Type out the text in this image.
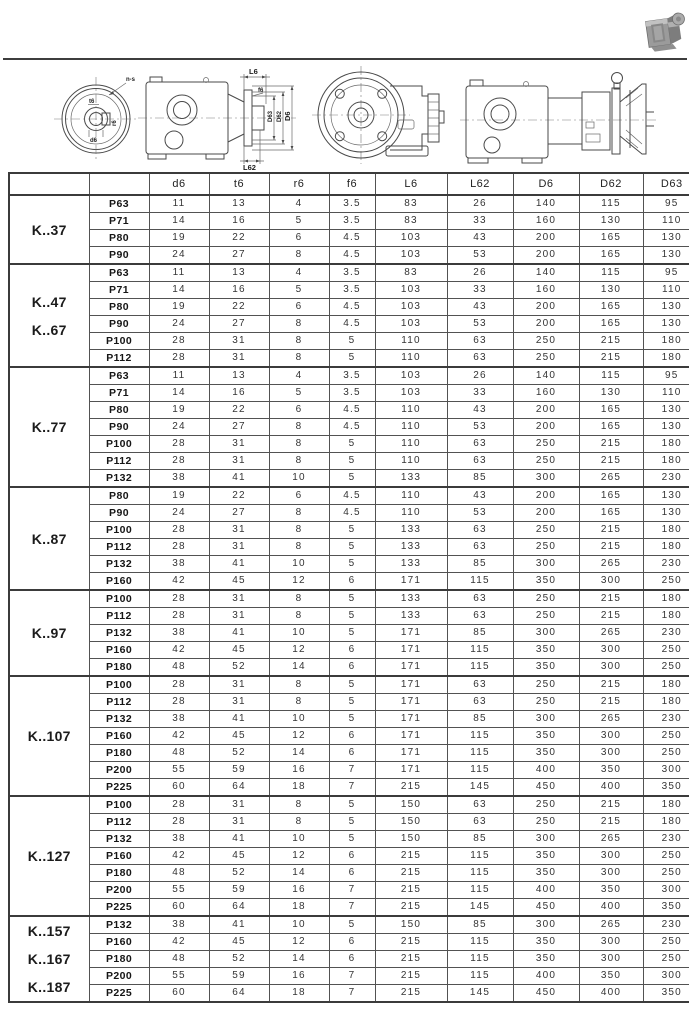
n-s
t6
r6
d6
L6
f6
D63 D62 D6
L62
		d6	t6	r6	f6	L6	L62	D6	D62	D63

K..37	P63	11	13	4	3.5	83	26	140	115	95
	P71	14	16	5	3.5	83	33	160	130	110
	P80	19	22	6	4.5	103	43	200	165	130
	P90	24	27	8	4.5	103	53	200	165	130

K..47
K..67	P63	11	13	4	3.5	83	26	140	115	95
	P71	14	16	5	3.5	103	33	160	130	110
	P80	19	22	6	4.5	103	43	200	165	130
	P90	24	27	8	4.5	103	53	200	165	130
	P100	28	31	8	5	110	63	250	215	180
	P112	28	31	8	5	110	63	250	215	180

K..77	P63	11	13	4	3.5	103	26	140	115	95
	P71	14	16	5	3.5	103	33	160	130	110
	P80	19	22	6	4.5	110	43	200	165	130
	P90	24	27	8	4.5	110	53	200	165	130
	P100	28	31	8	5	110	63	250	215	180
	P112	28	31	8	5	110	63	250	215	180
	P132	38	41	10	5	133	85	300	265	230

K..87	P80	19	22	6	4.5	110	43	200	165	130
	P90	24	27	8	4.5	110	53	200	165	130
	P100	28	31	8	5	133	63	250	215	180
	P112	28	31	8	5	133	63	250	215	180
	P132	38	41	10	5	133	85	300	265	230
	P160	42	45	12	6	171	115	350	300	250

K..97	P100	28	31	8	5	133	63	250	215	180
	P112	28	31	8	5	133	63	250	215	180
	P132	38	41	10	5	171	85	300	265	230
	P160	42	45	12	6	171	115	350	300	250
	P180	48	52	14	6	171	115	350	300	250

K..107	P100	28	31	8	5	171	63	250	215	180
	P112	28	31	8	5	171	63	250	215	180
	P132	38	41	10	5	171	85	300	265	230
	P160	42	45	12	6	171	115	350	300	250
	P180	48	52	14	6	171	115	350	300	250
	P200	55	59	16	7	171	115	400	350	300
	P225	60	64	18	7	215	145	450	400	350

K..127	P100	28	31	8	5	150	63	250	215	180
	P112	28	31	8	5	150	63	250	215	180
	P132	38	41	10	5	150	85	300	265	230
	P160	42	45	12	6	215	115	350	300	250
	P180	48	52	14	6	215	115	350	300	250
	P200	55	59	16	7	215	115	400	350	300
	P225	60	64	18	7	215	145	450	400	350

K..157
K..167
K..187	P132	38	41	10	5	150	85	300	265	230
	P160	42	45	12	6	215	115	350	300	250
	P180	48	52	14	6	215	115	350	300	250
	P200	55	59	16	7	215	115	400	350	300
	P225	60	64	18	7	215	145	450	400	350
